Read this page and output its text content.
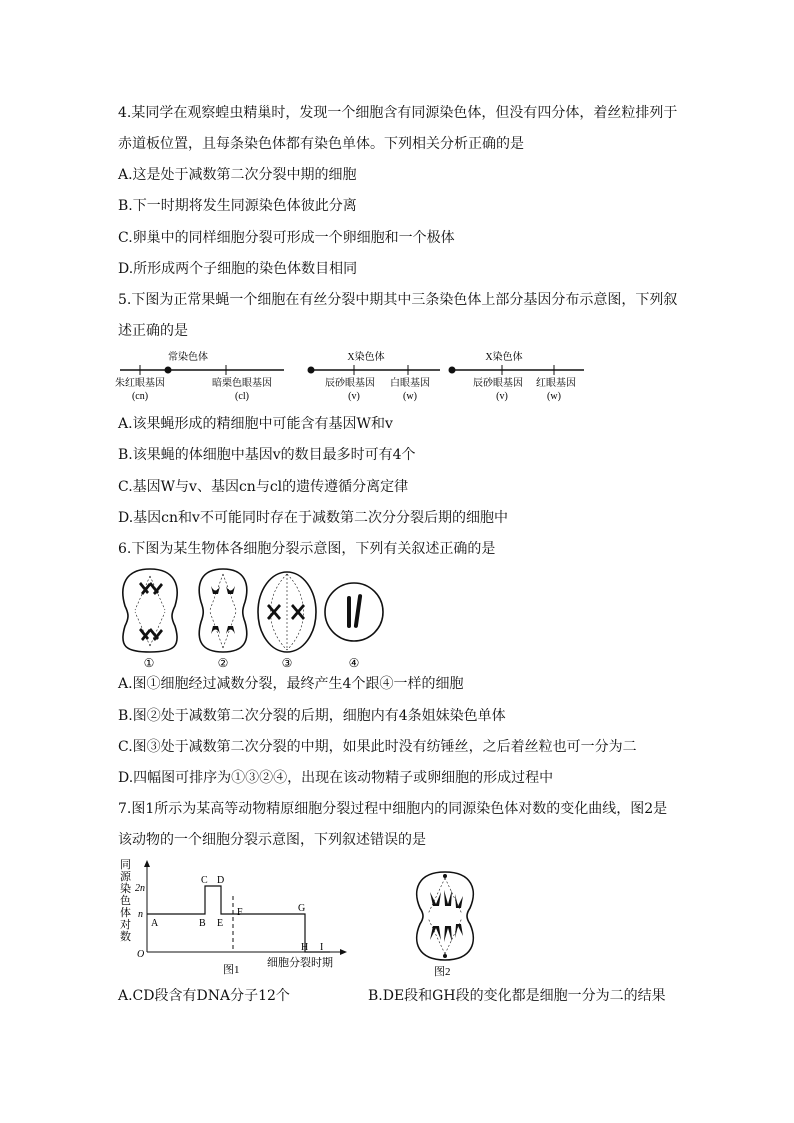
4.某同学在观察蝗虫精巢时，发现一个细胞含有同源染色体，但没有四分体，着丝粒排列于
赤道板位置，且每条染色体都有染色单体。下列相关分析正确的是
A.这是处于减数第二次分裂中期的细胞
B.下一时期将发生同源染色体彼此分离
C.卵巢中的同样细胞分裂可形成一个卵细胞和一个极体
D.所形成两个子细胞的染色体数目相同
5.下图为正常果蝇一个细胞在有丝分裂中期其中三条染色体上部分基因分布示意图，下列叙
述正确的是
常染色体
朱红眼基因
(cn)
暗栗色眼基因
(cl)
X染色体
辰砂眼基因
(v)
白眼基因
(w)
X染色体
辰砂眼基因
(v)
红眼基因
(w)
A.该果蝇形成的精细胞中可能含有基因W和v
B.该果蝇的体细胞中基因v的数目最多时可有4个
C.基因W与v、基因cn与cl的遗传遵循分离定律
D.基因cn和v不可能同时存在于减数第二次分分裂后期的细胞中
6.下图为某生物体各细胞分裂示意图，下列有关叙述正确的是
①	②	③	④
A.图①细胞经过减数分裂，最终产生4个跟④一样的细胞
B.图②处于减数第二次分裂的后期，细胞内有4条姐妹染色单体
C.图③处于减数第二次分裂的中期，如果此时没有纺锤丝，之后着丝粒也可一分为二
D.四幅图可排序为①③②④，出现在该动物精子或卵细胞的形成过程中
7.图1所示为某高等动物精原细胞分裂过程中细胞内的同源染色体对数的变化曲线，图2是
该动物的一个细胞分裂示意图，下列叙述错误的是
同
源
染
色
体
对
数
2n
n
O
A	B
C D
E
F	G
H I
图1
细胞分裂时期
图2
A.CD段含有DNA分子12个	B.DE段和GH段的变化都是细胞一分为二的结果
